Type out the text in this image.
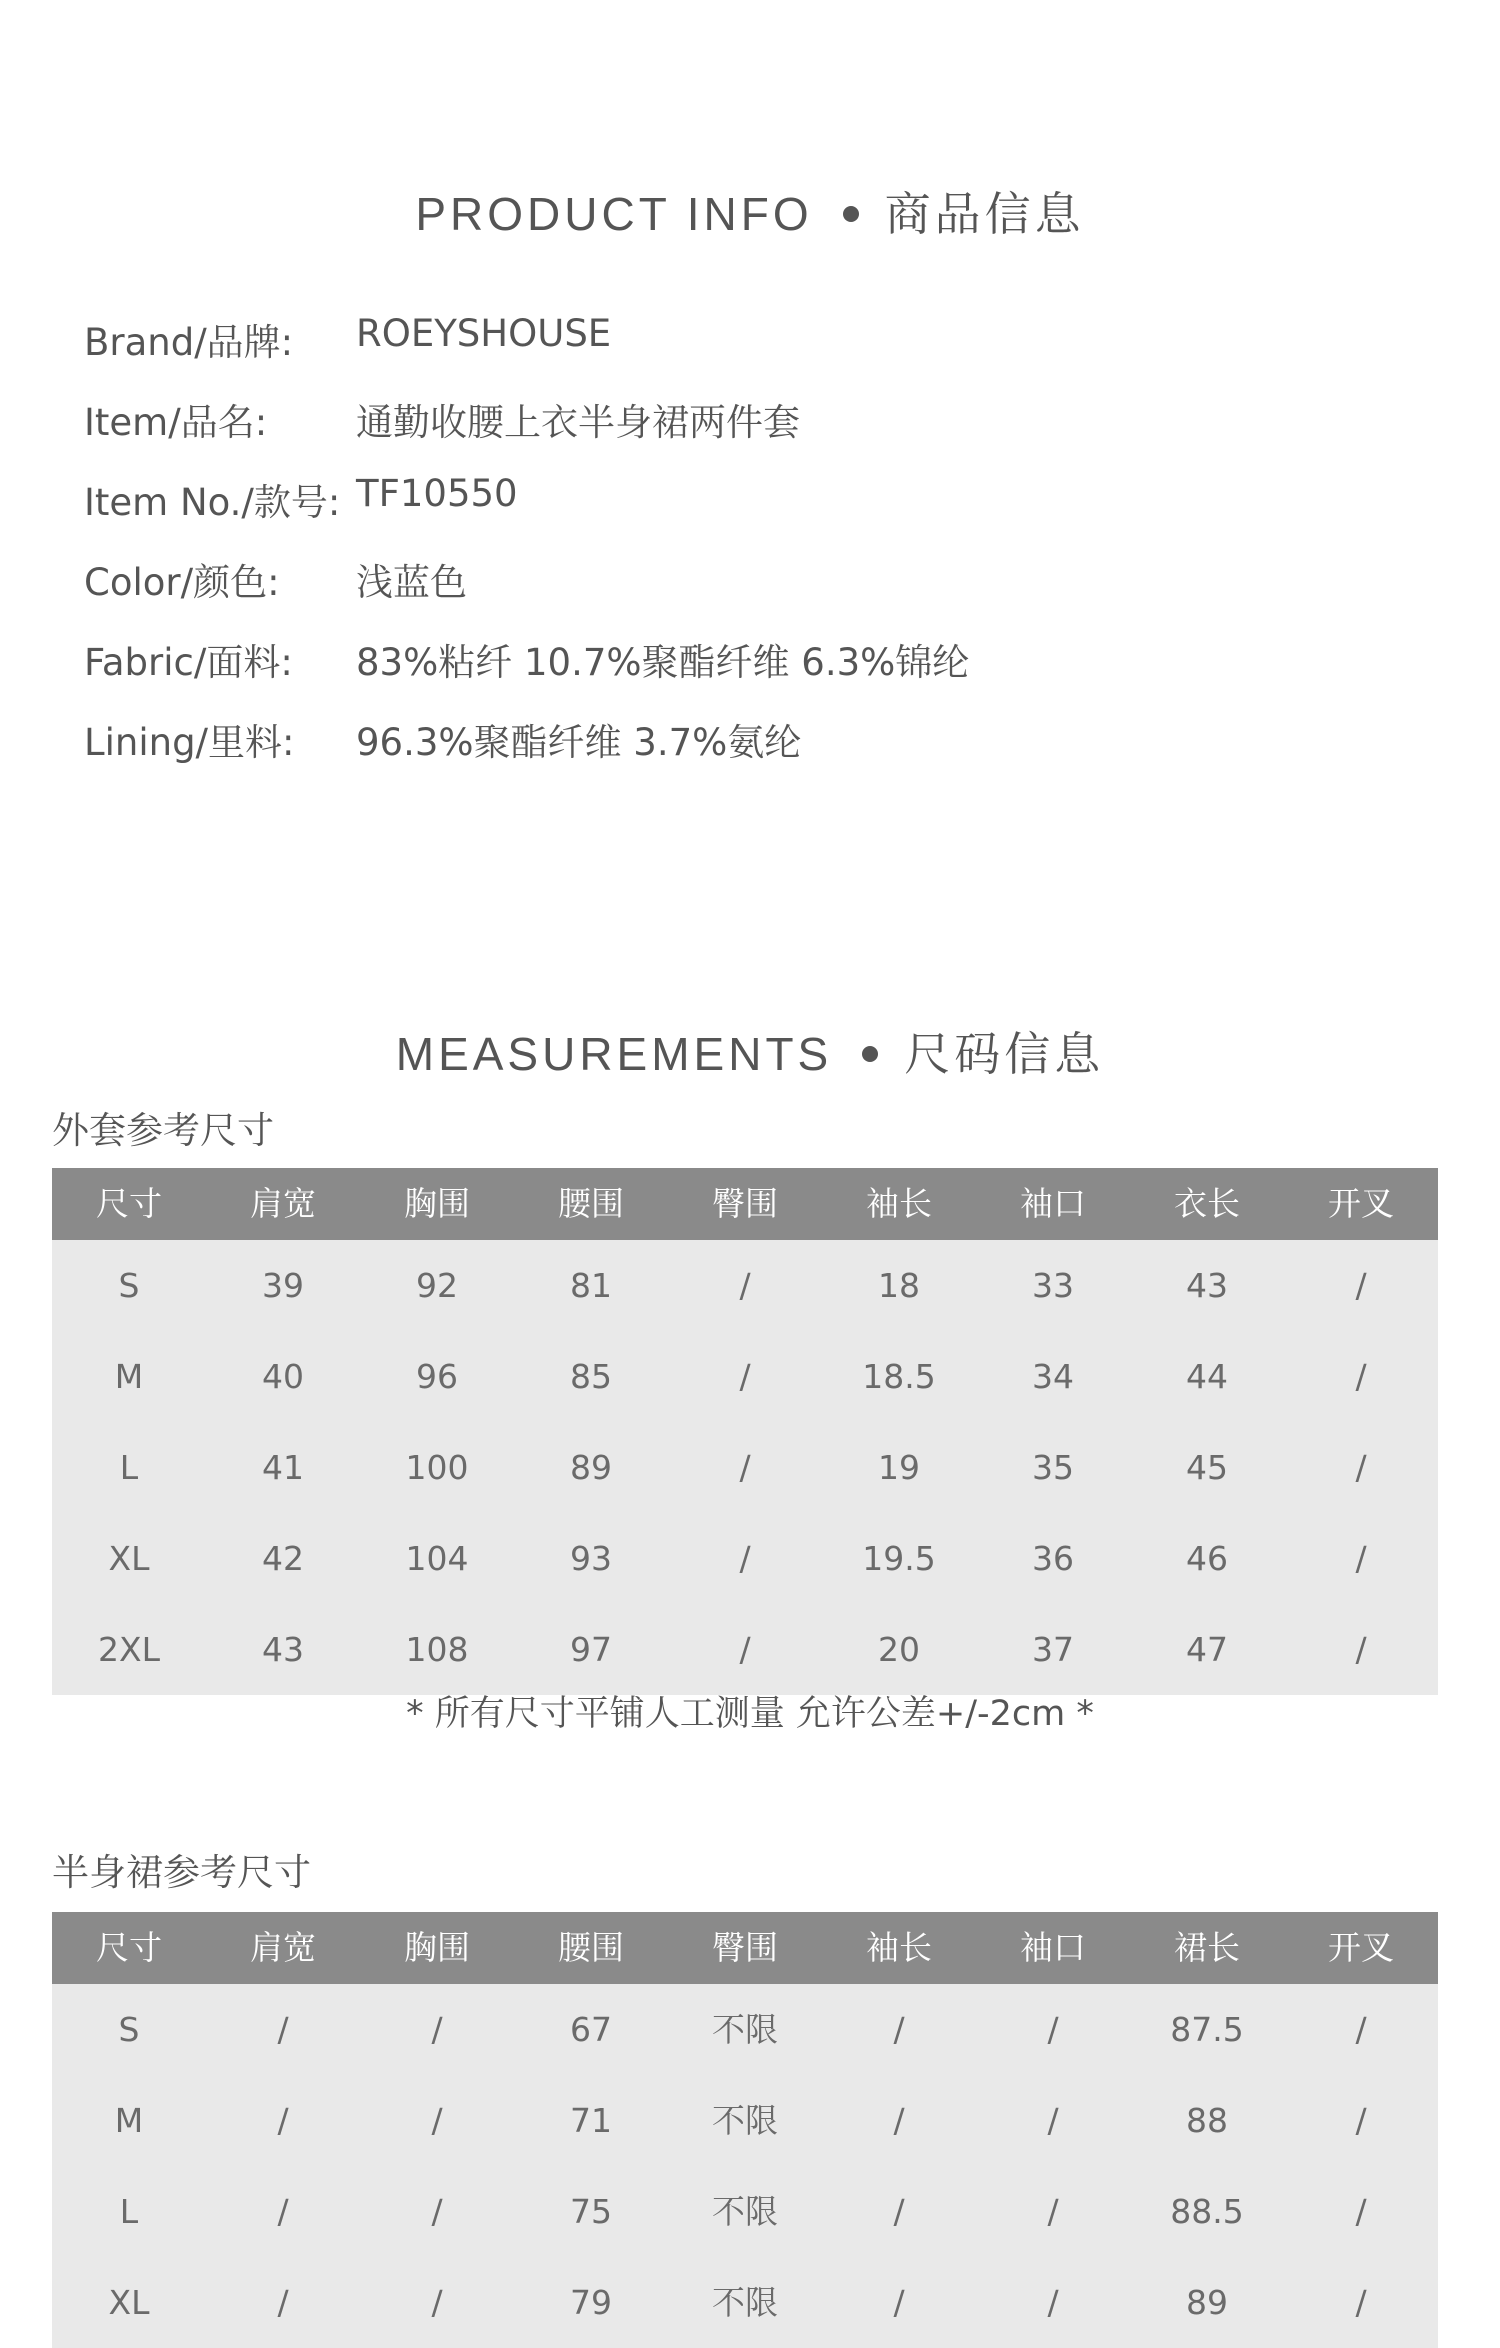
PRODUCT INFO 商品信息
Brand/品牌: ROEYSHOUSE
Item/品名: 通勤收腰上衣半身裙两件套
Item No./款号: TF10550
Color/颜色: 浅蓝色
Fabric/面料: 83%粘纤 10.7%聚酯纤维 6.3%锦纶
Lining/里料: 96.3%聚酯纤维 3.7%氨纶
MEASUREMENTS 尺码信息
外套参考尺寸
尺寸	肩宽	胸围	腰围	臀围	袖长	袖口	衣长	开叉
S	39	92	81	/	18	33	43	/
M	40	96	85	/	18.5	34	44	/
L	41	100	89	/	19	35	45	/
XL	42	104	93	/	19.5	36	46	/
2XL	43	108	97	/	20	37	47	/
* 所有尺寸平铺人工测量 允许公差+/-2cm *
半身裙参考尺寸
尺寸	肩宽	胸围	腰围	臀围	袖长	袖口	裙长	开叉
S	/	/	67	不限	/	/	87.5	/
M	/	/	71	不限	/	/	88	/
L	/	/	75	不限	/	/	88.5	/
XL	/	/	79	不限	/	/	89	/
